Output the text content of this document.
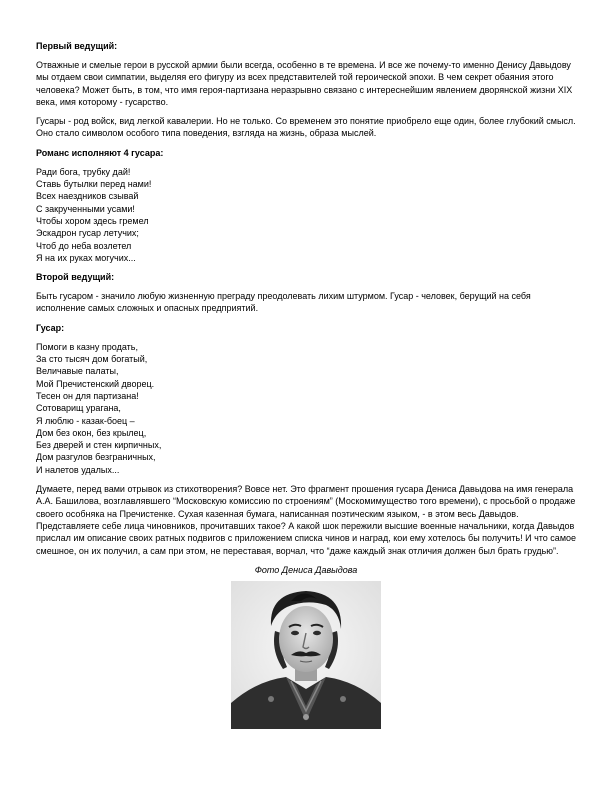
Первый ведущий:

Отважные и смелые герои в русской армии были всегда, особенно в те времена. И все же почему-то именно Денису Давыдову мы отдаем свои симпатии, выделяя его фигуру из всех представителей той героической эпохи. В чем секрет обаяния этого человека? Может быть, в том, что имя героя-партизана неразрывно связано с интереснейшим явлением дворянской жизни XIX века, имя которому - гусарство.

Гусары - род войск, вид легкой кавалерии. Но не только. Со временем это понятие приобрело еще один, более глубокий смысл. Оно стало символом особого типа поведения, взгляда на жизнь, образа мыслей.

Романс исполняют 4 гусара:

Ради бога, трубку дай!
Ставь бутылки перед нами!
Всех наездников сзывай
С закрученными усами!
Чтобы хором здесь гремел
Эскадрон гусар летучих;
Чтоб до неба возлетел
Я на их руках могучих...

Второй ведущий:

Быть гусаром - значило любую жизненную преграду преодолевать лихим штурмом. Гусар - человек, берущий на себя исполнение самых сложных и опасных предприятий.

Гусар:

Помоги в казну продать,
За сто тысяч дом богатый,
Величавые палаты,
Мой Пречистенский дворец.
Тесен он для партизана!
Сотоварищ урагана,
Я люблю - казак-боец –
Дом без окон, без крылец,
Без дверей и стен кирпичных,
Дом разгулов безграничных,
И налетов удалых...

Думаете, перед вами отрывок из стихотворения? Вовсе нет. Это фрагмент прошения гусара Дениса Давыдова на имя генерала А.А. Башилова, возглавлявшего “Московскую комиссию по строениям” (Москомимущество того времени), с просьбой о продаже своего особняка на Пречистенке. Сухая казенная бумага, написанная поэтическим языком, - в этом весь Давыдов. Представляете себе лица чиновников, прочитавших такое? А какой шок пережили высшие военные начальники, когда Давыдов прислал им описание своих ратных подвигов с приложением списка чинов и наград, кои ему хотелось бы получить! И что самое смешное, он их получил, а сам при этом, не переставая, ворчал, что “даже каждый знак отличия должен был брать грудью”.

Фото Дениса Давыдова
